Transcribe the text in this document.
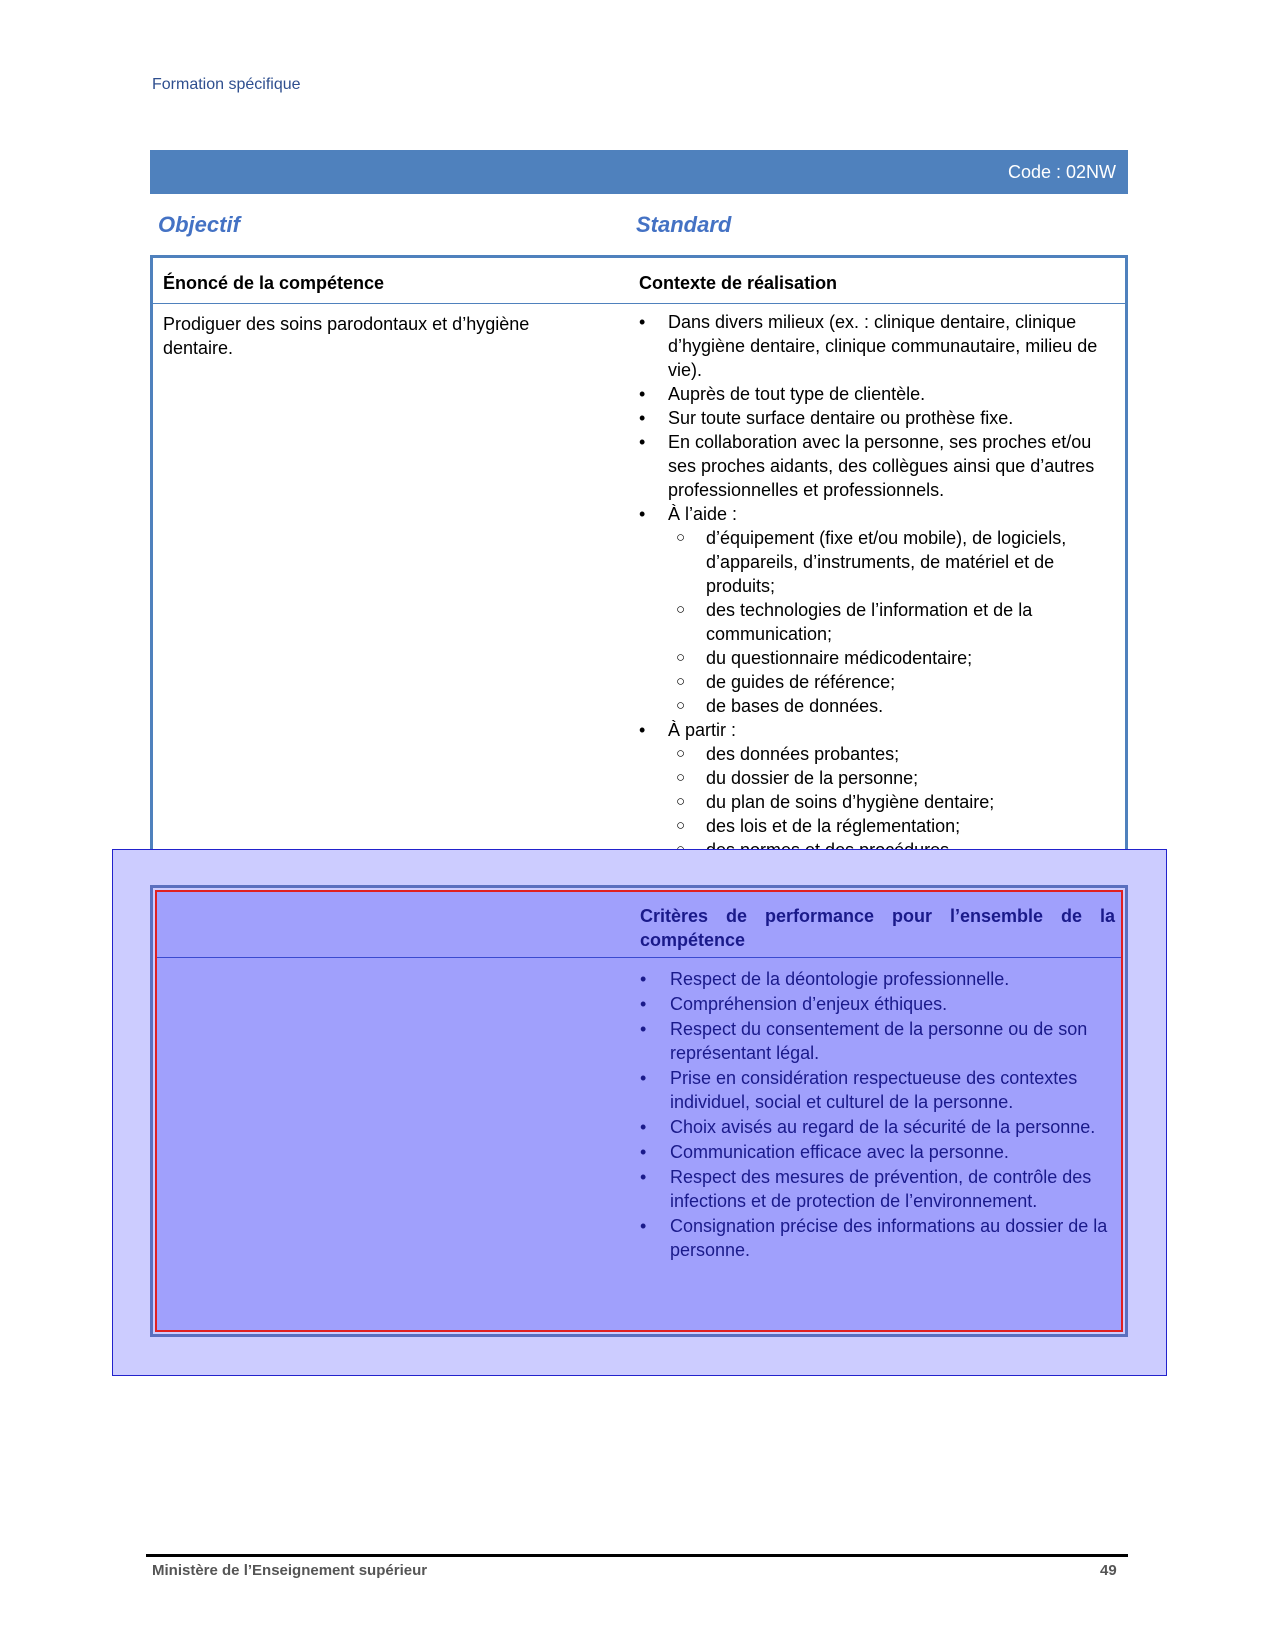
Formation spécifique
Code : 02NW
Objectif	Standard
Énoncé de la compétence	Contexte de réalisation
Prodiguer des soins parodontaux et d’hygiène dentaire.
• Dans divers milieux (ex. : clinique dentaire, clinique d’hygiène dentaire, clinique communautaire, milieu de vie).
• Auprès de tout type de clientèle.
• Sur toute surface dentaire ou prothèse fixe.
• En collaboration avec la personne, ses proches et/ou ses proches aidants, des collègues ainsi que d’autres professionnelles et professionnels.
• À l’aide :
○ d’équipement (fixe et/ou mobile), de logiciels, d’appareils, d’instruments, de matériel et de produits;
○ des technologies de l’information et de la communication;
○ du questionnaire médicodentaire;
○ de guides de référence;
○ de bases de données.
• À partir :
○ des données probantes;
○ du dossier de la personne;
○ du plan de soins d’hygiène dentaire;
○ des lois et de la réglementation;
○
Critères de performance pour l’ensemble de la compétence
• Respect de la déontologie professionnelle.
• Compréhension d’enjeux éthiques.
• Respect du consentement de la personne ou de son représentant légal.
• Prise en considération respectueuse des contextes individuel, social et culturel de la personne.
• Choix avisés au regard de la sécurité de la personne.
• Communication efficace avec la personne.
• Respect des mesures de prévention, de contrôle des infections et de protection de l’environnement.
• Consignation précise des informations au dossier de la personne.
Ministère de l’Enseignement supérieur	49
